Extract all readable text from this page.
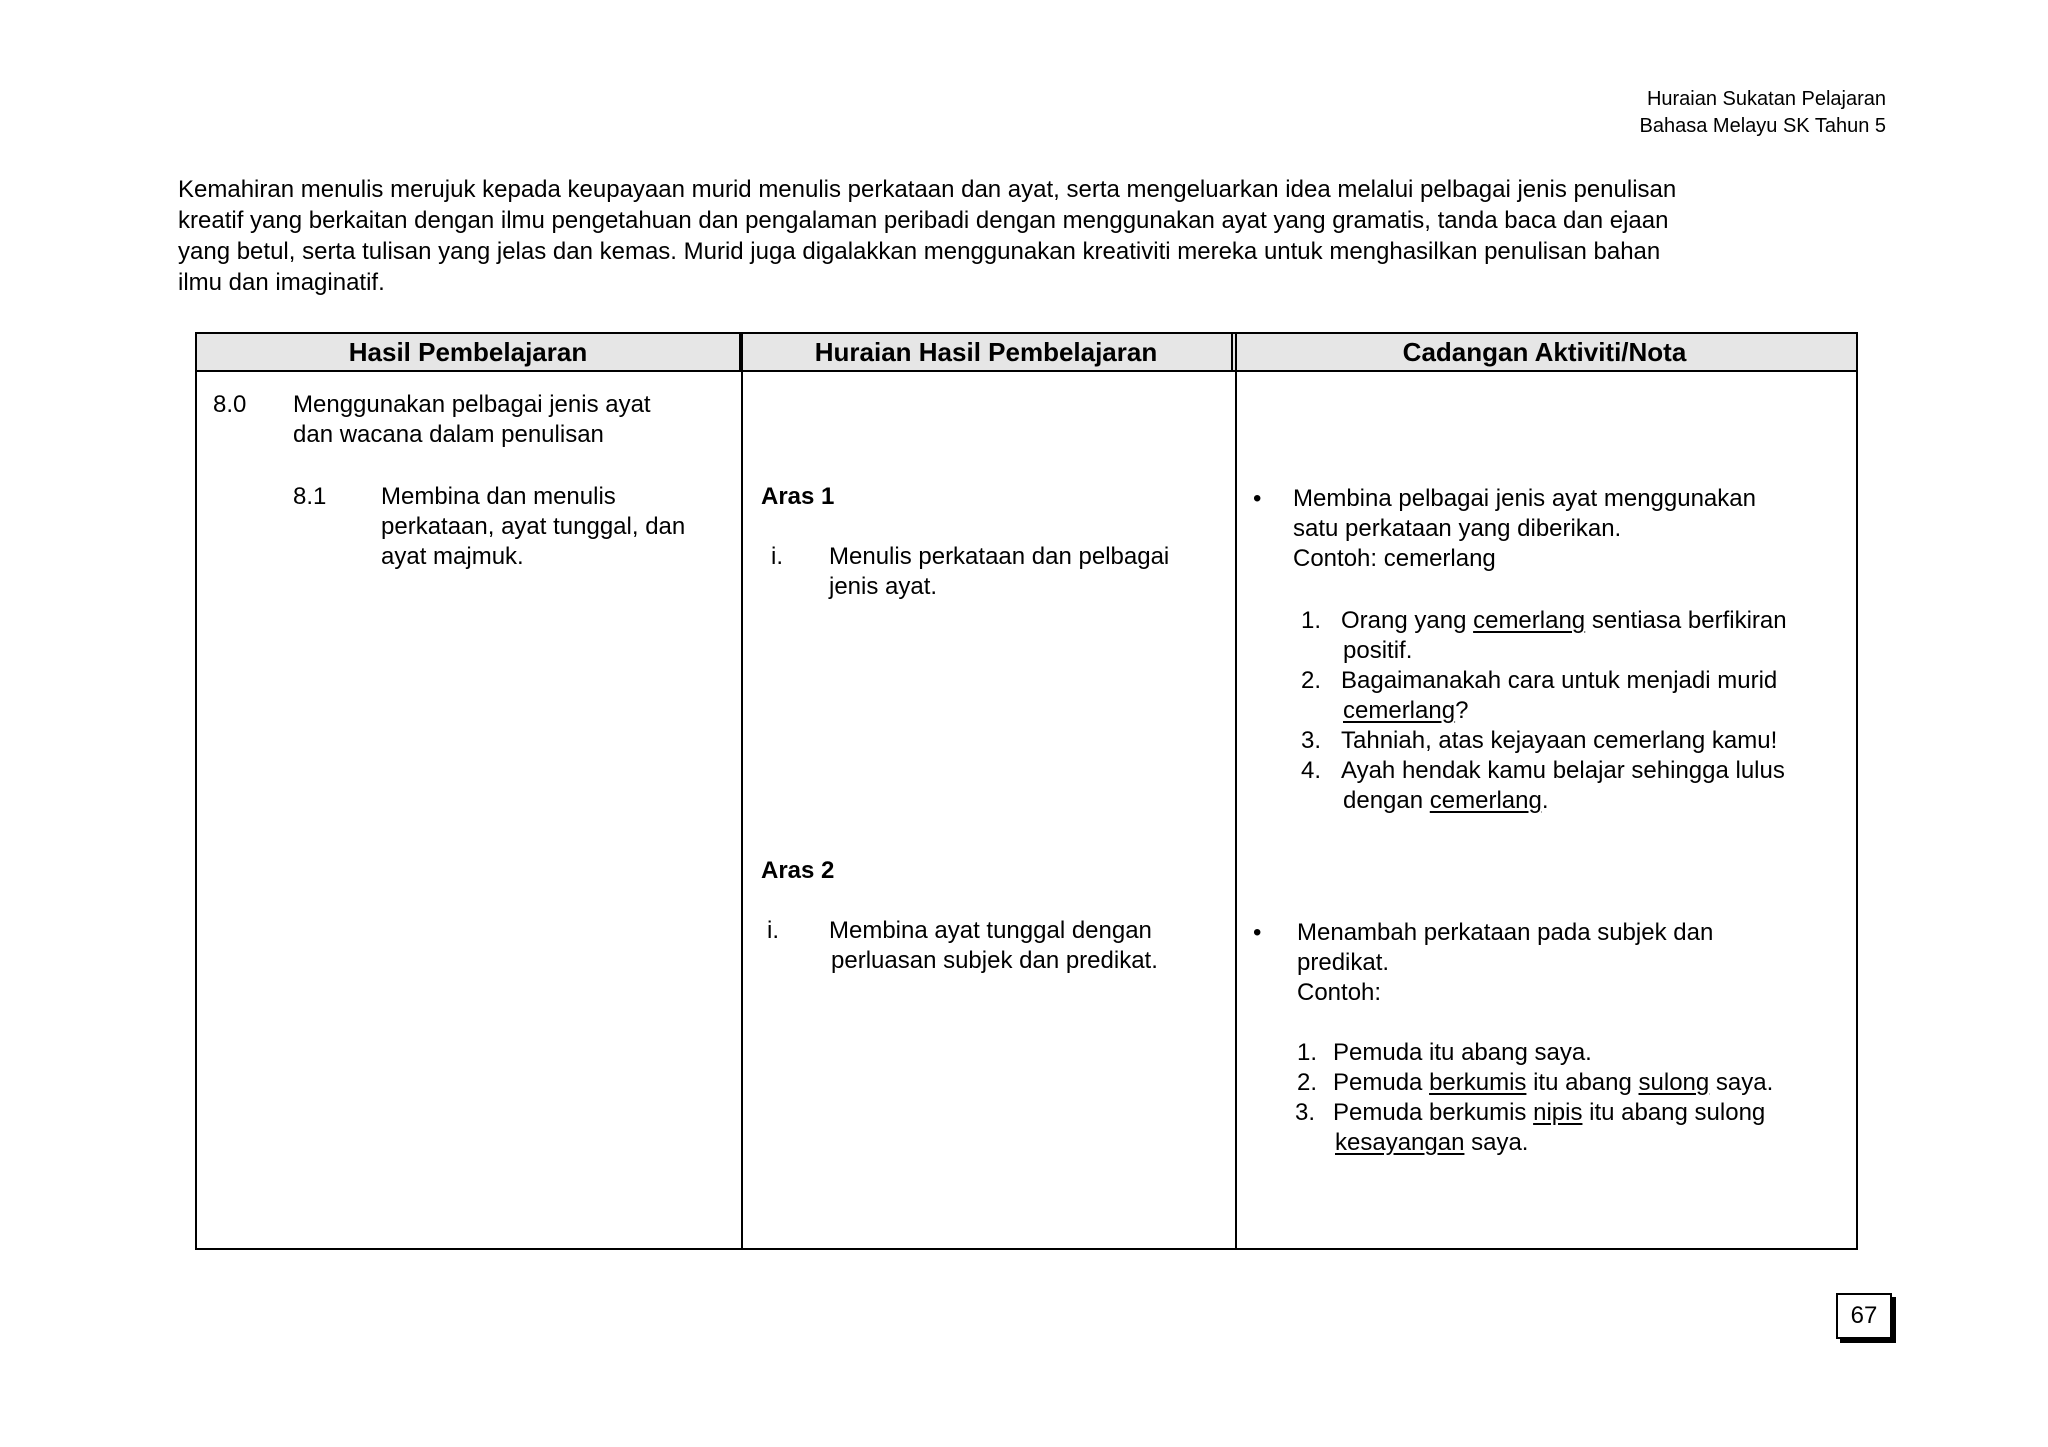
Huraian Sukatan Pelajaran
Bahasa Melayu SK Tahun 5

Kemahiran menulis merujuk kepada keupayaan murid menulis perkataan dan ayat, serta mengeluarkan idea melalui pelbagai jenis penulisan

kreatif yang berkaitan dengan ilmu pengetahuan dan pengalaman peribadi dengan menggunakan ayat yang gramatis, tanda baca dan ejaan

yang betul, serta tulisan yang jelas dan kemas. Murid juga digalakkan menggunakan kreativiti mereka untuk menghasilkan penulisan bahan

ilmu dan imaginatif.

Hasil Pembelajaran	Huraian Hasil Pembelajaran	Cadangan Aktiviti/Nota
8.0 Menggunakan pelbagai jenis ayat
dan wacana dalam penulisan
8.1 Membina dan menulis
perkataan, ayat tunggal, dan
ayat majmuk.
Aras 1
i. Menulis perkataan dan pelbagai
jenis ayat.
Aras 2
i. Membina ayat tunggal dengan
perluasan subjek dan predikat.
• Membina pelbagai jenis ayat menggunakan
satu perkataan yang diberikan.
Contoh: cemerlang
1. Orang yang cemerlang sentiasa berfikiran
positif.
2. Bagaimanakah cara untuk menjadi murid
cemerlang?
3. Tahniah, atas kejayaan cemerlang kamu!
4. Ayah hendak kamu belajar sehingga lulus
dengan cemerlang.
• Menambah perkataan pada subjek dan
predikat.
Contoh:
1. Pemuda itu abang saya.
2. Pemuda berkumis itu abang sulong saya.
3. Pemuda berkumis nipis itu abang sulong
kesayangan saya.
67
